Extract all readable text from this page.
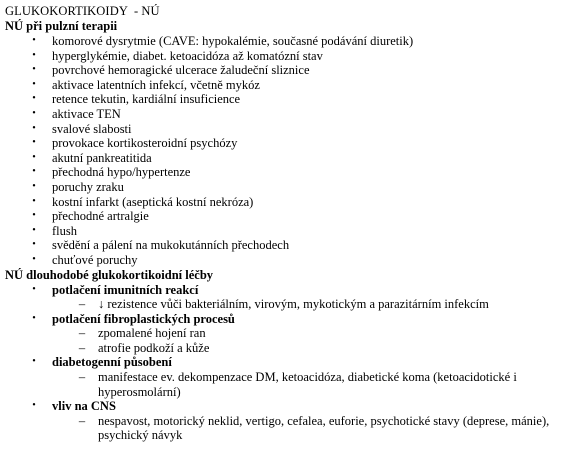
GLUKOKORTIKOIDY  - NÚ
NÚ při pulzní terapii
•	komorové dysrytmie (CAVE: hypokalémie, současné podávání diuretik)
•	hyperglykémie, diabet. ketoacidóza až komatózní stav
•	povrchové hemoragické ulcerace žaludeční sliznice
•	aktivace latentních infekcí, včetně mykóz
•	retence tekutin, kardiální insuficience
•	aktivace TEN
•	svalové slabosti
•	provokace kortikosteroidní psychózy
•	akutní pankreatitida
•	přechodná hypo/hypertenze
•	poruchy zraku
•	kostní infarkt (aseptická kostní nekróza)
•	přechodné artralgie
•	flush
•	svědění a pálení na mukokutánních přechodech
•	chuťové poruchy
NÚ dlouhodobé glukokortikoidní léčby
•	potlačení imunitních reakcí
– ↓ rezistence vůči bakteriálním, virovým, mykotickým a parazitárním infekcím
•	potlačení fibroplastických procesů
– zpomalené hojení ran
– atrofie podkoží a kůže
•	diabetogenní působení
– manifestace ev. dekompenzace DM, ketoacidóza, diabetické koma (ketoacidotické i hyperosmolární)
•	vliv na CNS
– nespavost, motorický neklid, vertigo, cefalea, euforie, psychotické stavy (deprese, mánie), psychický návyk
